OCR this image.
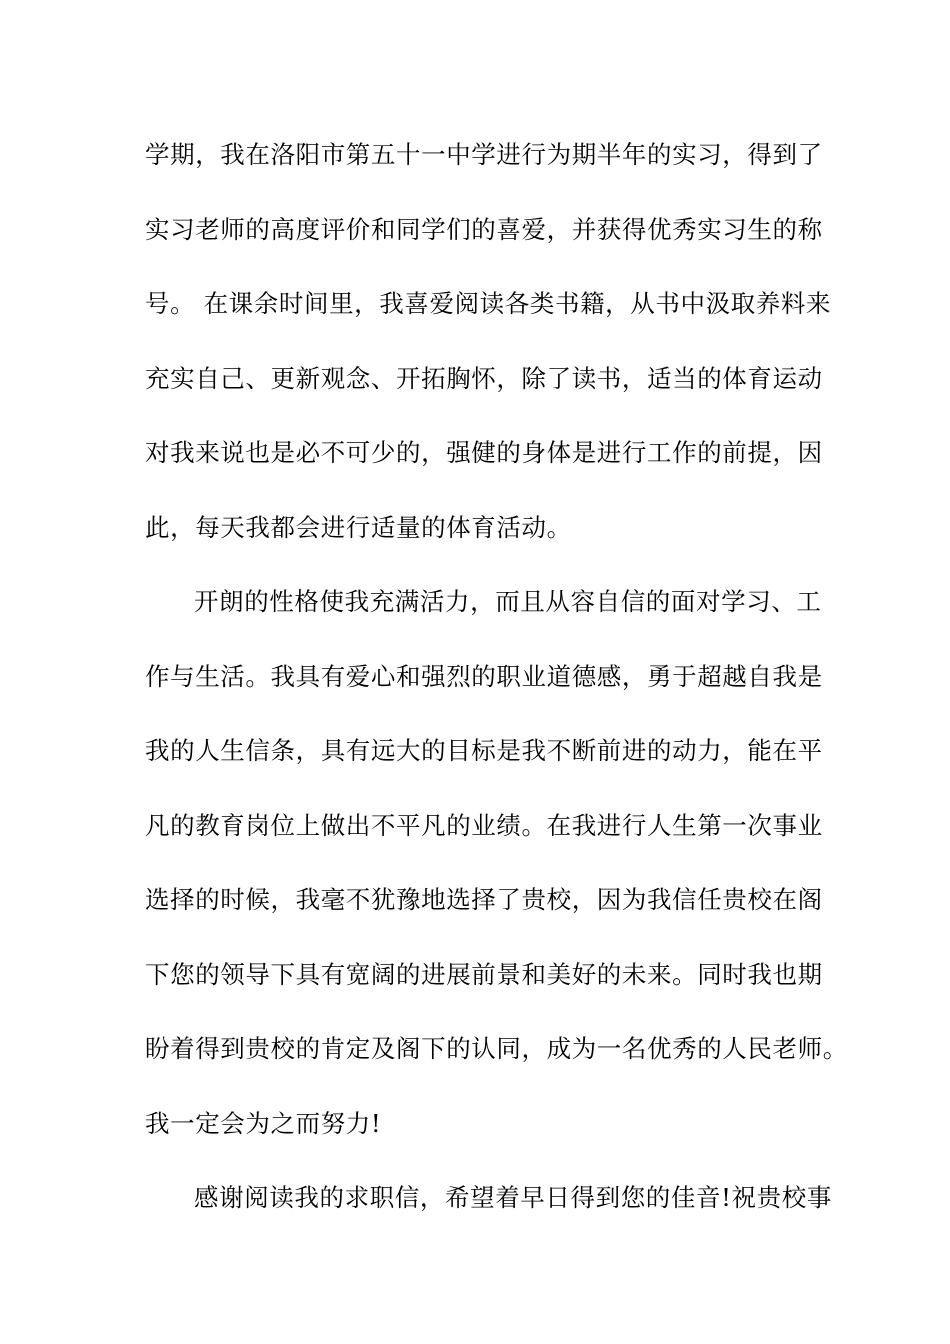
学期，我在洛阳市第五十一中学进行为期半年的实习，得到了
实习老师的高度评价和同学们的喜爱，并获得优秀实习生的称
号。 在课余时间里，我喜爱阅读各类书籍，从书中汲取养料来
充实自己、更新观念、开拓胸怀，除了读书，适当的体育运动
对我来说也是必不可少的，强健的身体是进行工作的前提，因
此，每天我都会进行适量的体育活动。
开朗的性格使我充满活力，而且从容自信的面对学习、工
作与生活。我具有爱心和强烈的职业道德感，勇于超越自我是
我的人生信条，具有远大的目标是我不断前进的动力，能在平
凡的教育岗位上做出不平凡的业绩。在我进行人生第一次事业
选择的时候，我毫不犹豫地选择了贵校，因为我信任贵校在阁
下您的领导下具有宽阔的进展前景和美好的未来。同时我也期
盼着得到贵校的肯定及阁下的认同，成为一名优秀的人民老师。
我一定会为之而努力!
感谢阅读我的求职信，希望着早日得到您的佳音!祝贵校事
